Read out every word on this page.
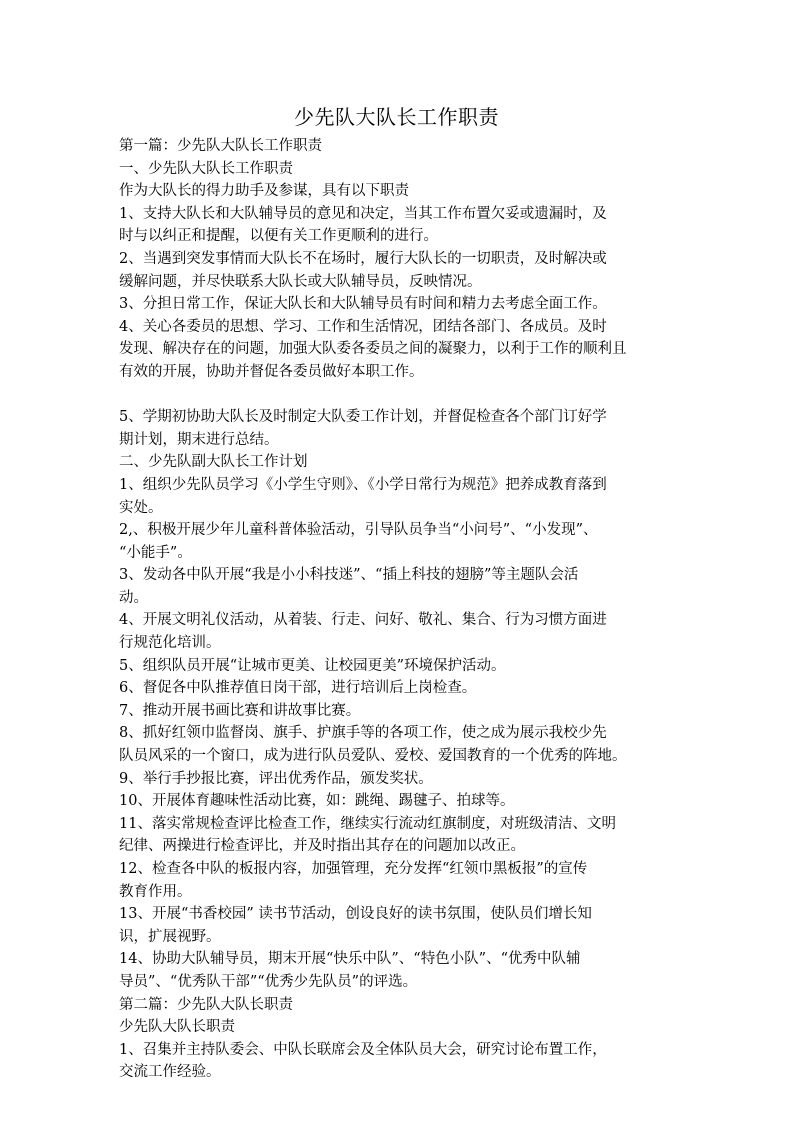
少先队大队长工作职责
第一篇：少先队大队长工作职责
一、少先队大队长工作职责
作为大队长的得力助手及参谋，具有以下职责
1、支持大队长和大队辅导员的意见和决定，当其工作布置欠妥或遗漏时，及
时与以纠正和提醒，以便有关工作更顺利的进行。
2、当遇到突发事情而大队长不在场时，履行大队长的一切职责，及时解决或
缓解问题，并尽快联系大队长或大队辅导员，反映情况。
3、分担日常工作，保证大队长和大队辅导员有时间和精力去考虑全面工作。
4、关心各委员的思想、学习、工作和生活情况，团结各部门、各成员。及时
发现、解决存在的问题，加强大队委各委员之间的凝聚力，以利于工作的顺利且
有效的开展，协助并督促各委员做好本职工作。
5、学期初协助大队长及时制定大队委工作计划，并督促检查各个部门订好学
期计划，期末进行总结。
二、少先队副大队长工作计划
1、组织少先队员学习《小学生守则》、《小学日常行为规范》把养成教育落到
实处。
2,、积极开展少年儿童科普体验活动，引导队员争当“小问号”、“小发现”、
“小能手”。
3、发动各中队开展“我是小小科技迷”、“插上科技的翅膀”等主题队会活
动。
4、开展文明礼仪活动，从着装、行走、问好、敬礼、集合、行为习惯方面进
行规范化培训。
5、组织队员开展“让城市更美、让校园更美”环境保护活动。
6、督促各中队推荐值日岗干部，进行培训后上岗检查。
7、推动开展书画比赛和讲故事比赛。
8、抓好红领巾监督岗、旗手、护旗手等的各项工作，使之成为展示我校少先
队员风采的一个窗口，成为进行队员爱队、爱校、爱国教育的一个优秀的阵地。
9、举行手抄报比赛，评出优秀作品，颁发奖状。
10、开展体育趣味性活动比赛，如：跳绳、踢毽子、拍球等。
11、落实常规检查评比检查工作，继续实行流动红旗制度，对班级清洁、文明
纪律、两操进行检查评比，并及时指出其存在的问题加以改正。
12、检查各中队的板报内容，加强管理，充分发挥“红领巾黑板报”的宣传
教育作用。
13、开展“书香校园” 读书节活动，创设良好的读书氛围，使队员们增长知
识，扩展视野。
14、协助大队辅导员，期末开展“快乐中队”、“特色小队”、“优秀中队辅
导员”、“优秀队干部”“优秀少先队员”的评选。
第二篇：少先队大队长职责
少先队大队长职责
1、召集并主持队委会、中队长联席会及全体队员大会，研究讨论布置工作，
交流工作经验。
